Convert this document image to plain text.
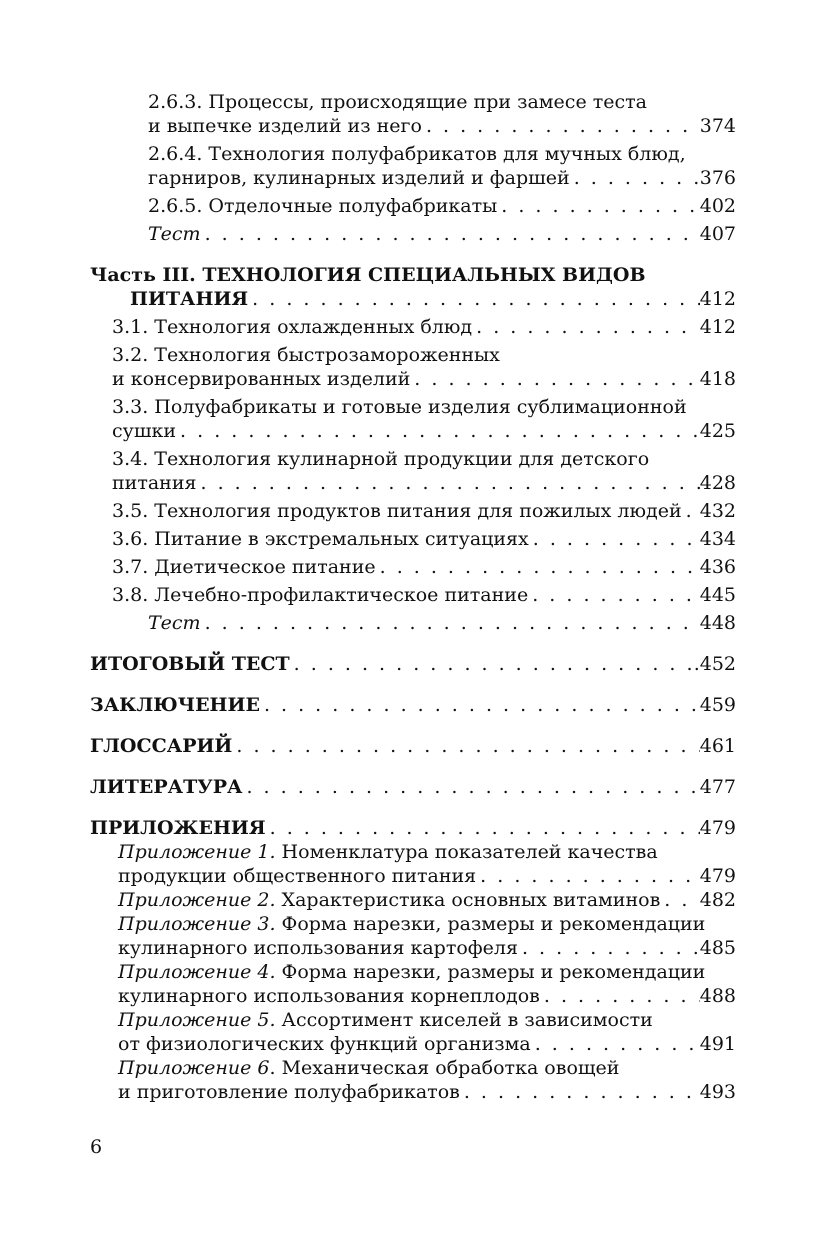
2.6.3. Процессы, происходящие при замесе теста
и выпечке изделий из него . . .	374
2.6.4. Технология полуфабрикатов для мучных блюд,
гарниров, кулинарных изделий и фаршей . . .	376
2.6.5. Отделочные полуфабрикаты . . .	402
Тест . . .	407
Часть III. ТЕХНОЛОГИЯ СПЕЦИАЛЬНЫХ ВИДОВ
ПИТАНИЯ . . .	412
3.1. Технология охлажденных блюд . . .	412
3.2. Технология быстрозамороженных
и консервированных изделий . . .	418
3.3. Полуфабрикаты и готовые изделия сублимационной
сушки . . .	425
3.4. Технология кулинарной продукции для детского
питания . . .	428
3.5. Технология продуктов питания для пожилых людей . . . 432
3.6. Питание в экстремальных ситуациях . . .	434
3.7. Диетическое питание . . .	436
3.8. Лечебно-профилактическое питание . . .	445
Тест . . .	448
ИТОГОВЫЙ ТЕСТ . . .	.452
ЗАКЛЮЧЕНИЕ . . .	459
ГЛОССАРИЙ . . .	461
ЛИТЕРАТУРА . . .	477
ПРИЛОЖЕНИЯ . . .	479
Приложение 1. Номенклатура показателей качества
продукции общественного питания . . .	479
Приложение 2. Характеристика основных витаминов . . . 482
Приложение 3. Форма нарезки, размеры и рекомендации
кулинарного использования картофеля . . .	485
Приложение 4. Форма нарезки, размеры и рекомендации
кулинарного использования корнеплодов . . .	488
Приложение 5. Ассортимент киселей в зависимости
от физиологических функций организма . . .	491
Приложение 6. Механическая обработка овощей
и приготовление полуфабрикатов . . .	493
6
